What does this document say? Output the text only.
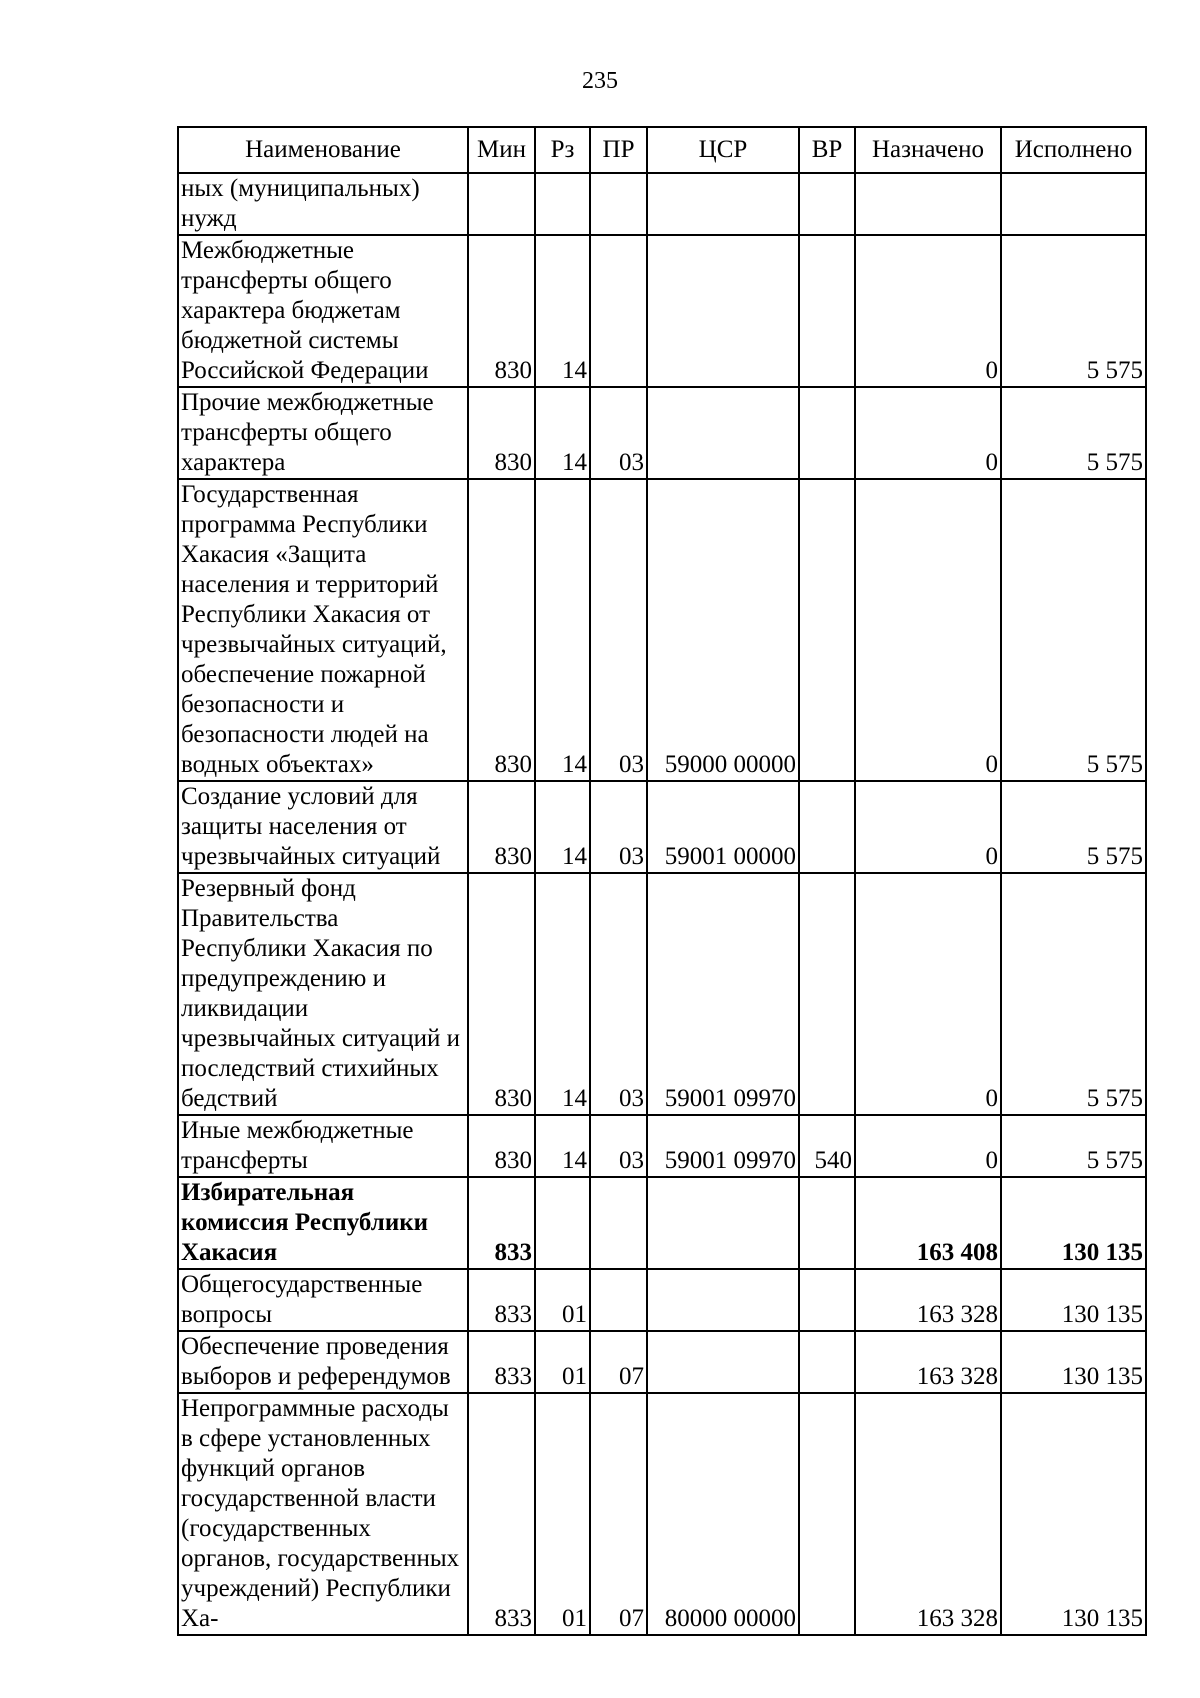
235
Наименование	Мин	Рз	ПР	ЦСР	ВР	Назначено	Исполнено
ных (муниципальных) нужд							
Межбюджетные трансферты общего характера бюджетам бюджетной системы Российской Федерации	830	14				0	5 575
Прочие межбюджетные трансферты общего характера	830	14	03			0	5 575
Государственная программа Республики Хакасия «Защита населения и территорий Республики Хакасия от чрезвычайных ситуаций, обеспечение пожарной безопасности и безопасности людей на водных объектах»	830	14	03	59000 00000		0	5 575
Создание условий для защиты населения от чрезвычайных ситуаций	830	14	03	59001 00000		0	5 575
Резервный фонд Правительства Республики Хакасия по предупреждению и ликвидации чрезвычайных ситуаций и последствий стихийных бедствий	830	14	03	59001 09970		0	5 575
Иные межбюджетные трансферты	830	14	03	59001 09970	540	0	5 575
Избирательная комиссия Республики Хакасия	833					163 408	130 135
Общегосударственные вопросы	833	01				163 328	130 135
Обеспечение проведения выборов и референдумов	833	01	07			163 328	130 135
Непрограммные расходы в сфере установленных функций органов государственной власти (государственных органов, государственных учреждений) Республики Ха-	833	01	07	80000 00000		163 328	130 135
